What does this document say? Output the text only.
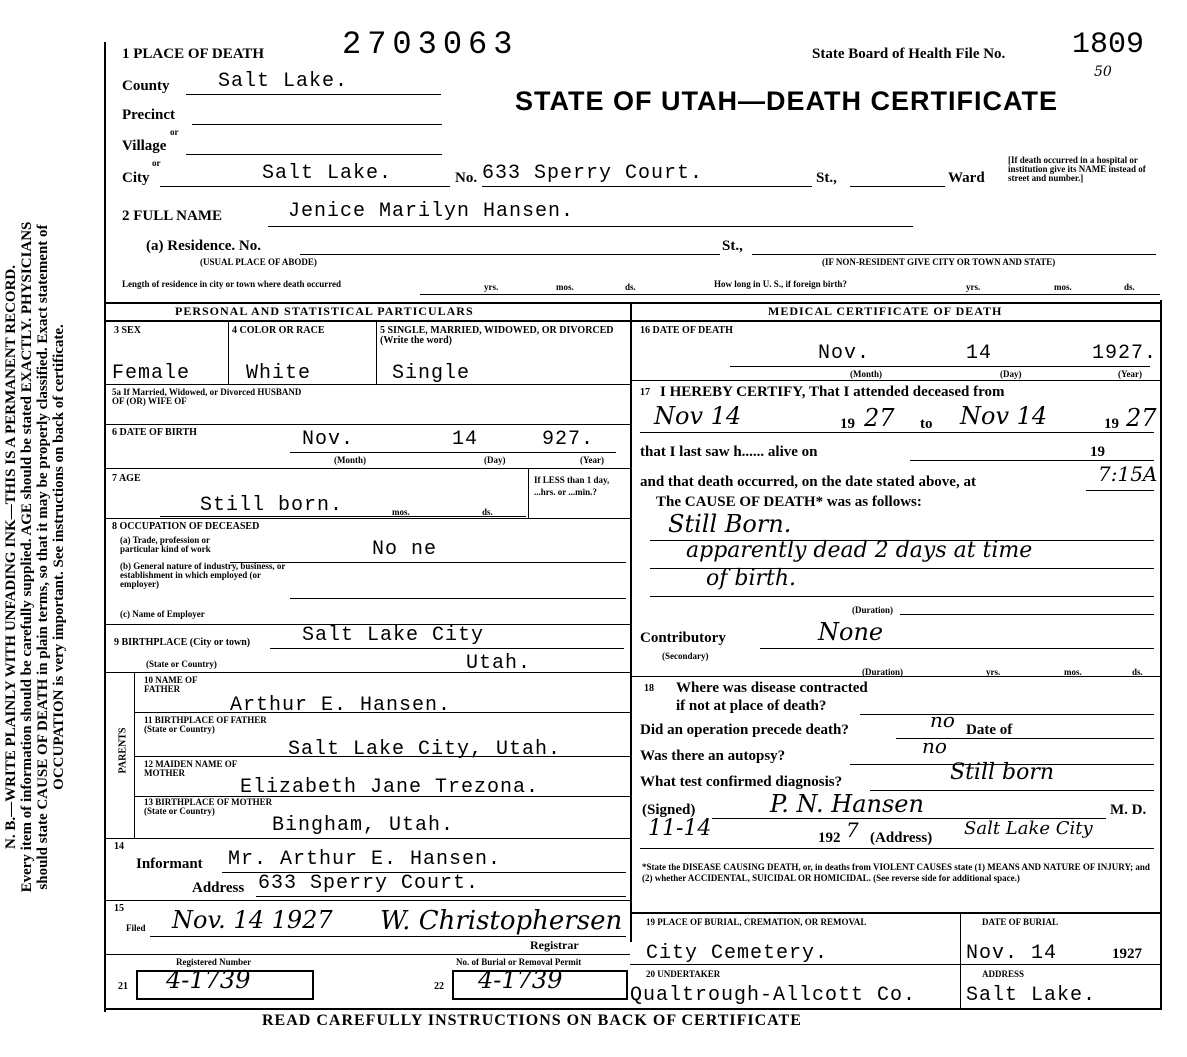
N. B.—WRITE PLAINLY WITH UNFADING INK—THIS IS A PERMANENT RECORD. Every item of information should be carefully supplied. AGE should be stated EXACTLY. PHYSICIANS should state CAUSE OF DEATH in plain terms, so that it may be properly classified. Exact statement of OCCUPATION is very important. See instructions on back of certificate.
1 PLACE OF DEATH 2703063	State Board of Health File No. 1809
50
STATE OF UTAH—DEATH CERTIFICATE
County Salt Lake.
Precinct
or
Village
or
City	Salt Lake.	No. 633 Sperry Court.	St.,	Ward
[If death occurred in a hospital or institution give its NAME instead of street and number.]
2 FULL NAME	Jenice Marilyn Hansen.
(a) Residence. No.	St.,
(USUAL PLACE OF ABODE)	(IF NON-RESIDENT GIVE CITY OR TOWN AND STATE)
Length of residence in city or town where death occurred	yrs.	mos.	ds.	How long in U. S., if foreign birth?	yrs.	mos.	ds.
PERSONAL AND STATISTICAL PARTICULARS	MEDICAL CERTIFICATE OF DEATH
3 SEX	4 COLOR OR RACE	5 SINGLE, MARRIED, WIDOWED, OR DIVORCED (Write the word)
Female	White	Single
5a If Married, Widowed, or Divorced HUSBAND OF (OR) WIFE OF
6 DATE OF BIRTH	Nov.	14	927.
(Month)	(Day)	(Year)
7 AGE
Still born.	mos.	ds.
If LESS than 1 day, ...hrs. or ...min.?
8 OCCUPATION OF DECEASED
(a) Trade, profession or particular kind of work	No ne
(b) General nature of industry, business, or establishment in which employed (or employer)
(c) Name of Employer
9 BIRTHPLACE (City or town)	Salt Lake City
(State or Country)	Utah.
PARENTS
10 NAME OF FATHER
Arthur E. Hansen.
11 BIRTHPLACE OF FATHER (State or Country)
Salt Lake City, Utah.
12 MAIDEN NAME OF MOTHER
Elizabeth Jane Trezona.
13 BIRTHPLACE OF MOTHER (State or Country)
Bingham, Utah.
14
Informant Mr. Arthur E. Hansen.
Address 633 Sperry Court.
15
Filed Nov. 14 1927 W. Christophersen
Registrar
Registered Number
21 4-1739
No. of Burial or Removal Permit
22 4-1739
16 DATE OF DEATH
Nov.	14	1927.
(Month)	(Day)	(Year)
17 I HEREBY CERTIFY, That I attended deceased from
Nov 14	19 27 to Nov 14	19 27
that I last saw h...... alive on	19
and that death occurred, on the date stated above, at	7:15A
The CAUSE OF DEATH* was as follows:
Still Born.
apparently dead 2 days at time
of birth.
(Duration)
Contributory
(Secondary)
None
(Duration)	yrs.	mos.	ds.
18 Where was disease contracted
if not at place of death?
Did an operation precede death?	no Date of
Was there an autopsy?	no
What test confirmed diagnosis?	Still born
(Signed)	P. N. Hansen	M. D.
11-14	192 7 (Address) Salt Lake City
*State the DISEASE CAUSING DEATH, or, in deaths from VIOLENT CAUSES state (1) MEANS AND NATURE OF INJURY; and (2) whether ACCIDENTAL, SUICIDAL OR HOMICIDAL. (See reverse side for additional space.)
19 PLACE OF BURIAL, CREMATION, OR REMOVAL	DATE OF BURIAL
City Cemetery.	Nov. 14	1927
20 UNDERTAKER	ADDRESS
Qualtrough-Allcott Co. Salt Lake.
READ CAREFULLY INSTRUCTIONS ON BACK OF CERTIFICATE
